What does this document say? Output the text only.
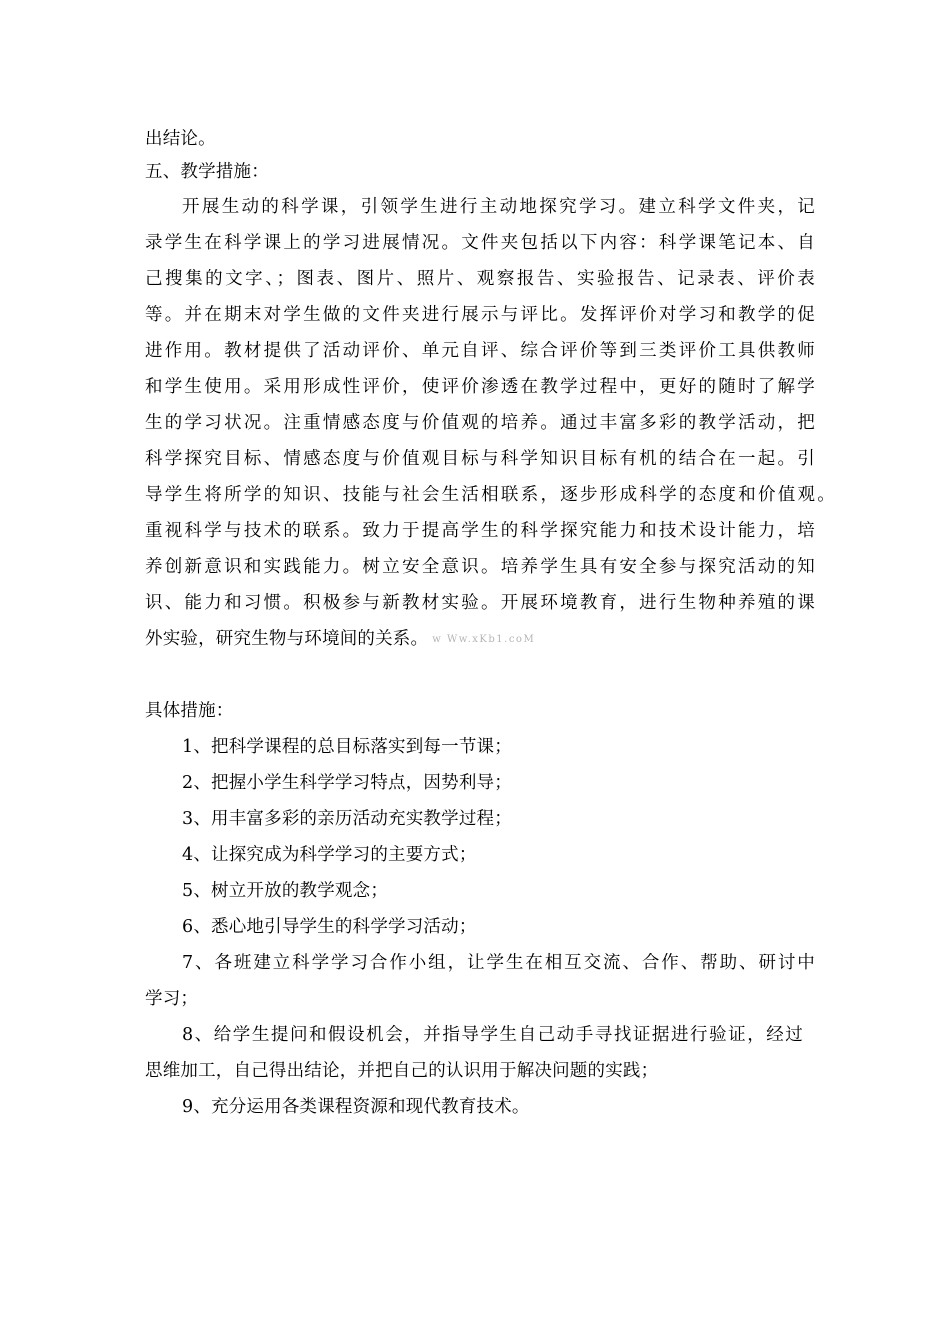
出结论。
五、教学措施：
开展生动的科学课，引领学生进行主动地探究学习。建立科学文件夹，记
录学生在科学课上的学习进展情况。文件夹包括以下内容：科学课笔记本、自
己搜集的文字、；图表、图片、照片、观察报告、实验报告、记录表、评价表
等。并在期末对学生做的文件夹进行展示与评比。发挥评价对学习和教学的促
进作用。教材提供了活动评价、单元自评、综合评价等到三类评价工具供教师
和学生使用。采用形成性评价，使评价渗透在教学过程中，更好的随时了解学
生的学习状况。注重情感态度与价值观的培养。通过丰富多彩的教学活动，把
科学探究目标、情感态度与价值观目标与科学知识目标有机的结合在一起。引
导学生将所学的知识、技能与社会生活相联系，逐步形成科学的态度和价值观。
重视科学与技术的联系。致力于提高学生的科学探究能力和技术设计能力，培
养创新意识和实践能力。树立安全意识。培养学生具有安全参与探究活动的知
识、能力和习惯。积极参与新教材实验。开展环境教育，进行生物种养殖的课
外实验，研究生物与环境间的关系。 w Ww.xKb1.coM
具体措施：
1、把科学课程的总目标落实到每一节课；
2、把握小学生科学学习特点，因势利导；
3、用丰富多彩的亲历活动充实教学过程；
4、让探究成为科学学习的主要方式；
5、树立开放的教学观念；
6、悉心地引导学生的科学学习活动；
7、各班建立科学学习合作小组，让学生在相互交流、合作、帮助、研讨中
学习；
8、给学生提问和假设机会，并指导学生自己动手寻找证据进行验证，经过
思维加工，自己得出结论，并把自己的认识用于解决问题的实践；
9、充分运用各类课程资源和现代教育技术。
